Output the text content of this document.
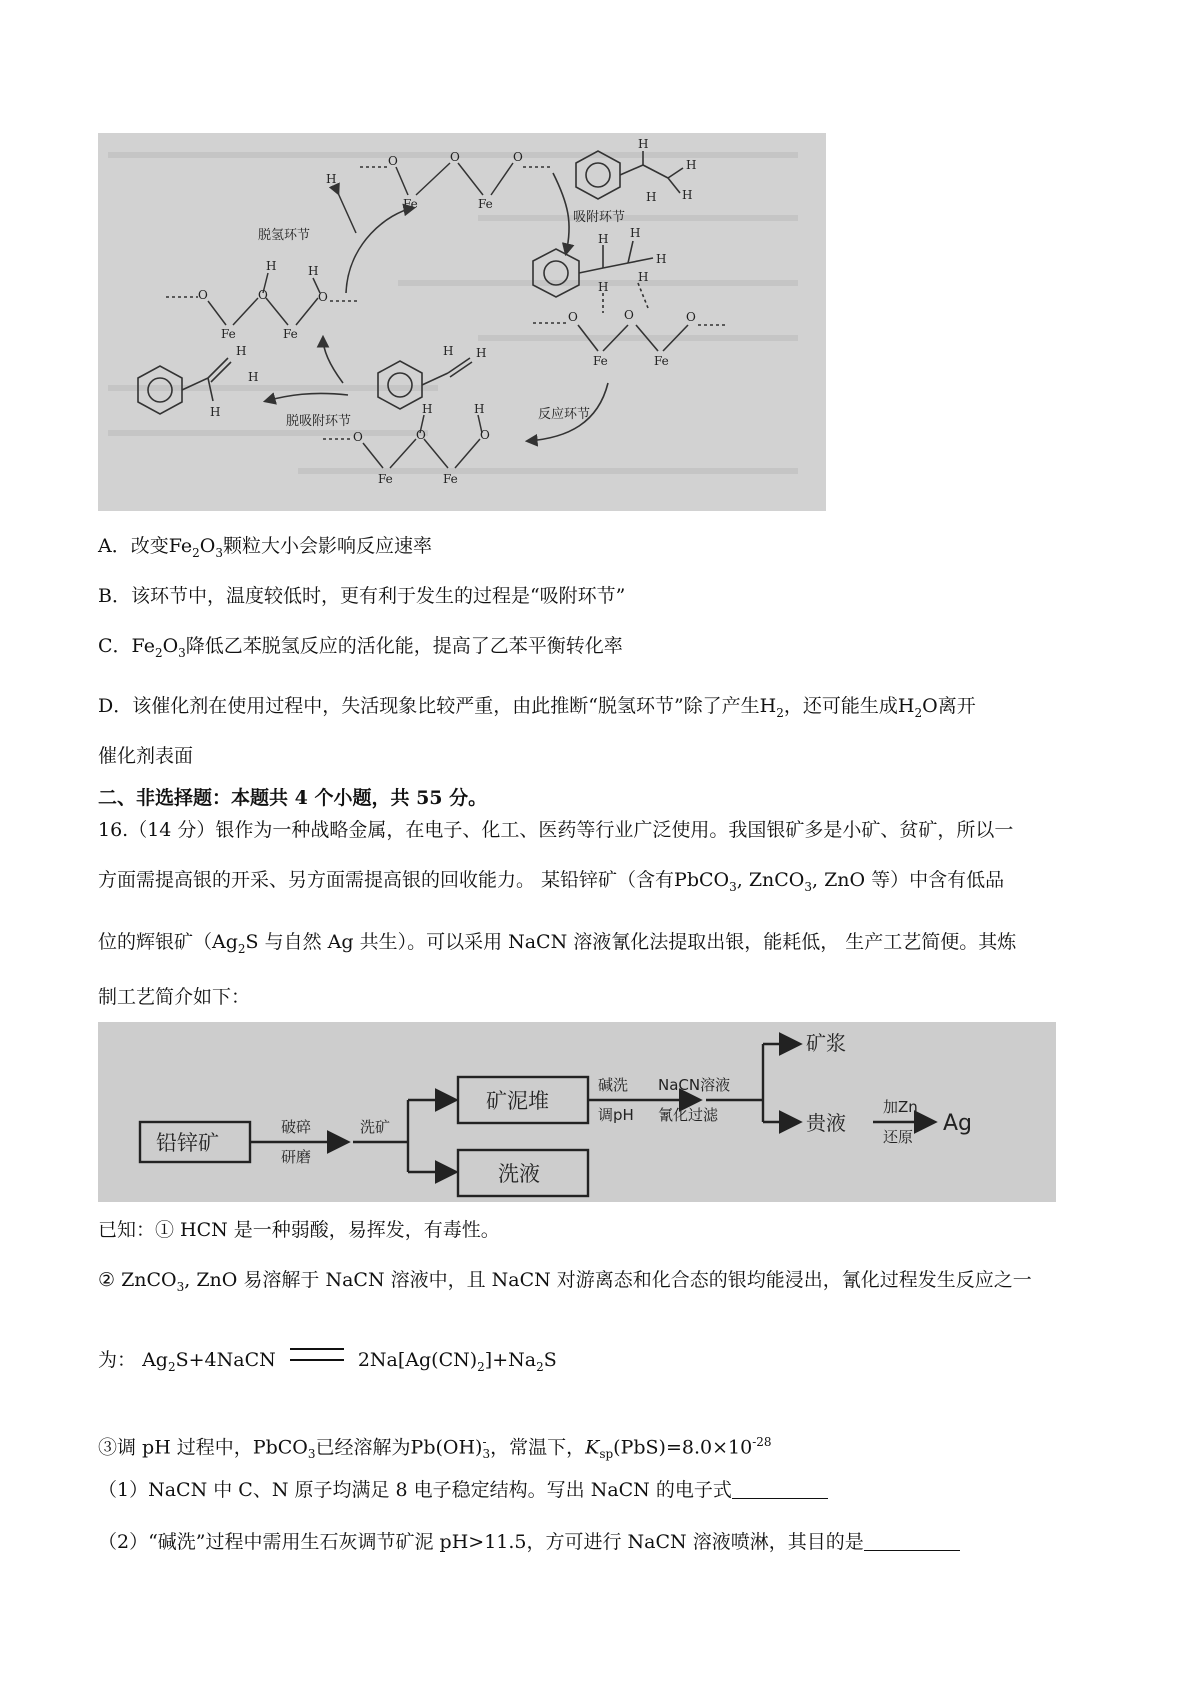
O	O	O
Fe	Fe
H
H
H
H
H
脱氢环节
吸附环节
H H
H
H
H
O	O	O
Fe	Fe
O	O	O
Fe	Fe
H	H
H
H
H
H H
O	O	O
Fe	Fe
H	H
脱吸附环节	反应环节
A．改变$Fe_2O_3$颗粒大小会影响反应速率
B．该环节中，温度较低时，更有利于发生的过程是“吸附环节”
C．$Fe_2O_3$降低乙苯脱氢反应的活化能，提高了乙苯平衡转化率
D．该催化剂在使用过程中，失活现象比较严重，由此推断“脱氢环节”除了产生$H_2$，还可能生成$H_2O$离开
催化剂表面
二、非选择题：本题共 4 个小题，共 55 分。
16.（14 分）银作为一种战略金属，在电子、化工、医药等行业广泛使用。我国银矿多是小矿、贫矿，所以一
方面需提高银的开采、另方面需提高银的回收能力。 某铅锌矿（含有PbCO$_3$, ZnCO$_3$, ZnO 等）中含有低品
位的辉银矿（$Ag_2S$ 与自然 Ag 共生）。可以采用 NaCN 溶液氰化法提取出银，能耗低， 生产工艺简便。其炼
制工艺简介如下：
铅锌矿
破碎
研磨
洗矿
矿泥堆
洗液
碱洗
调pH
NaCN溶液
氰化过滤
矿浆
贵液
加Zn
还原
Ag
已知：① HCN 是一种弱酸，易挥发，有毒性。
② ZnCO$_3$, ZnO 易溶解于 NaCN 溶液中，且 NaCN 对游离态和化合态的银均能浸出，氰化过程发生反应之一
为： $Ag_2S+4NaCN$	$2Na[Ag(CN)_2]+Na_2S$
③调 pH 过程中，PbCO$_3$已经溶解为Pb(OH) -
3 ，常温下，$K_{sp}(PbS)=8.0\times 10^{-28}$
（1）NaCN 中 C、N 原子均满足 8 电子稳定结构。写出 NaCN 的电子式
（2）“碱洗”过程中需用生石灰调节矿泥 pH>11.5，方可进行 NaCN 溶液喷淋，其目的是
